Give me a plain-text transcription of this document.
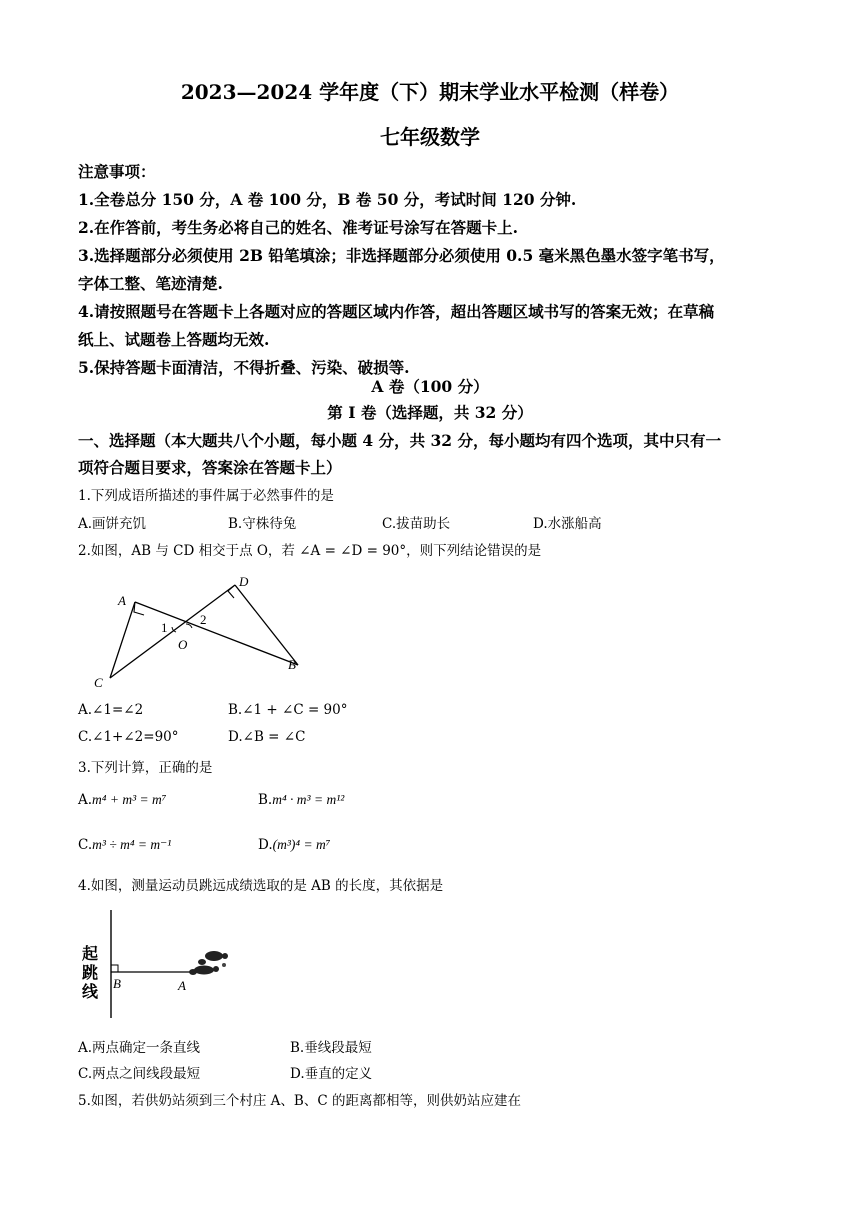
2023—2024 学年度（下）期末学业水平检测（样卷）
七年级数学
注意事项：
1.全卷总分 150 分，A 卷 100 分，B 卷 50 分，考试时间 120 分钟.
2.在作答前，考生务必将自己的姓名、准考证号涂写在答题卡上.
3.选择题部分必须使用 2B 铅笔填涂；非选择题部分必须使用 0.5 毫米黑色墨水签字笔书写，
字体工整、笔迹清楚.
4.请按照题号在答题卡上各题对应的答题区域内作答，超出答题区域书写的答案无效；在草稿
纸上、试题卷上答题均无效.
5.保持答题卡面清洁，不得折叠、污染、破损等.
A 卷（100 分）
第 I 卷（选择题，共 32 分）
一、选择题（本大题共八个小题，每小题 4 分，共 32 分，每小题均有四个选项，其中只有一
项符合题目要求，答案涂在答题卡上）
1.下列成语所描述的事件属于必然事件的是
A.画饼充饥	B.守株待兔	C.拔苗助长	D.水涨船高
2.如图，AB 与 CD 相交于点 O，若 ∠A = ∠D = 90°，则下列结论错误的是
A
D
1
2
O
B
C
A.∠1=∠2	B.∠1 + ∠C = 90°
C.∠1+∠2=90°	D.∠B = ∠C
3.下列计算，正确的是
A.m⁴ + m³ = m⁷	B.m⁴ · m³ = m¹²
C.m³ ÷ m⁴ = m⁻¹	D.(m³)⁴ = m⁷
4.如图，测量运动员跳远成绩选取的是 AB 的长度，其依据是
起
跳
线
B	A
A.两点确定一条直线	B.垂线段最短
C.两点之间线段最短	D.垂直的定义
5.如图，若供奶站须到三个村庄 A、B、C 的距离都相等，则供奶站应建在
